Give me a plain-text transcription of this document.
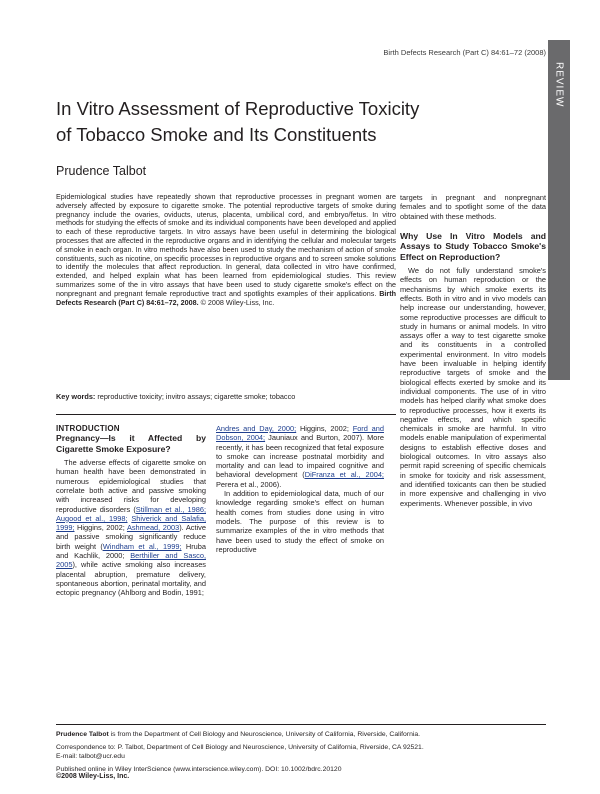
Birth Defects Research (Part C) 84:61–72 (2008)
REVIEW
In Vitro Assessment of Reproductive Toxicity
of Tobacco Smoke and Its Constituents
Prudence Talbot
Epidemiological studies have repeatedly shown that reproductive processes in pregnant women are adversely affected by exposure to cigarette smoke. The potential reproductive targets of smoke during pregnancy include the ovaries, oviducts, uterus, placenta, umbilical cord, and embryo/fetus. In vitro methods for studying the effects of smoke and its individual components have been developed and applied to each of these reproductive targets. In vitro assays have been useful in determining the biological processes that are affected in the reproductive organs and in identifying the cellular and molecular targets of smoke in each organ. In vitro methods have also been used to study the mechanism of action of smoke constituents, such as nicotine, on specific processes in reproductive organs and to screen smoke solutions to identify the molecules that affect reproduction. In general, data collected in vitro have confirmed, extended, and helped explain what has been learned from epidemiological studies. This review summarizes some of the in vitro assays that have been used to study cigarette smoke's effect on the nonpregnant and pregnant female reproductive tract and spotlights examples of their applications. Birth Defects Research (Part C) 84:61–72, 2008. © 2008 Wiley-Liss, Inc.
Key words: reproductive toxicity; invitro assays; cigarette smoke; tobacco
INTRODUCTION
Pregnancy—Is it Affected by Cigarette Smoke Exposure?

The adverse effects of cigarette smoke on human health have been demonstrated in numerous epidemiological studies that correlate both active and passive smoking with increased risks for developing reproductive disorders (Stillman et al., 1986; Augood et al., 1998; Shiverick and Salafia, 1999; Higgins, 2002; Ashmead, 2003). Active and passive smoking significantly reduce birth weight (Windham et al., 1999; Hruba and Kachlik, 2000; Berthiller and Sasco, 2005), while active smoking also increases placental abruption, premature delivery, spontaneous abortion, perinatal mortality, and ectopic pregnancy (Ahlborg and Bodin, 1991;

Andres and Day, 2000; Higgins, 2002; Ford and Dobson, 2004; Jauniaux and Burton, 2007). More recently, it has been recognized that fetal exposure to smoke can increase postnatal morbidity and mortality and can lead to impaired cognitive and behavioral development (DiFranza et al., 2004; Perera et al., 2006).

In addition to epidemiological data, much of our knowledge regarding smoke's effect on human health comes from studies done using in vitro models. The purpose of this review is to summarize examples of the in vitro methods that have been used to study the effect of smoke on reproductive

targets in pregnant and nonpregnant females and to spotlight some of the data obtained with these methods.

Why Use In Vitro Models and Assays to Study Tobacco Smoke's Effect on Reproduction?

We do not fully understand smoke's effects on human reproduction or the mechanisms by which smoke exerts its effects. Both in vitro and in vivo models can help increase our understanding, however, some reproductive processes are difficult to study in humans or animal models. In vitro assays offer a way to test cigarette smoke and its constituents in a controlled experimental environment. In vitro models have been invaluable in helping identify reproductive targets of smoke and the biological effects exerted by smoke and its individual components. The use of in vitro models has helped clarify what smoke does to reproductive processes, how it exerts its negative effects, and which specific chemicals in smoke are harmful. In vitro models enable manipulation of experimental designs to establish effective doses and biological outcomes. In vitro assays also permit rapid screening of specific chemicals in smoke for toxicity and risk assessment, and identified toxicants can then be studied in more expensive and challenging in vivo experiments. Whenever possible, in vivo

Prudence Talbot is from the Department of Cell Biology and Neuroscience, University of California, Riverside, California.

Correspondence to: P. Talbot, Department of Cell Biology and Neuroscience, University of California, Riverside, CA 92521.
E-mail: talbot@ucr.edu

Published online in Wiley InterScience (www.interscience.wiley.com). DOI: 10.1002/bdrc.20120

©2008 Wiley-Liss, Inc.
